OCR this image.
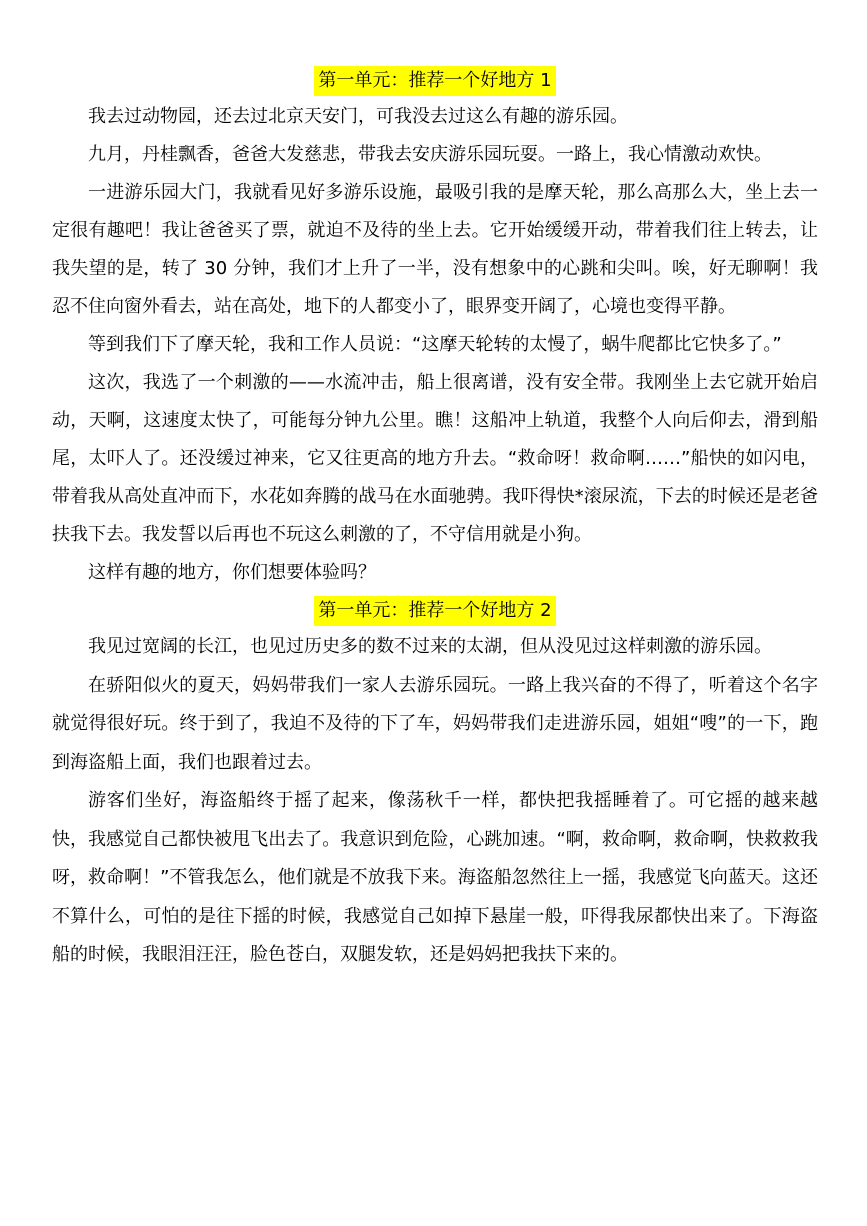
第一单元：推荐一个好地方 1

我去过动物园，还去过北京天安门，可我没去过这么有趣的游乐园。

九月，丹桂飘香，爸爸大发慈悲，带我去安庆游乐园玩耍。一路上，我心情激动欢快。

一进游乐园大门，我就看见好多游乐设施，最吸引我的是摩天轮，那么高那么大，坐上去一定很有趣吧！我让爸爸买了票，就迫不及待的坐上去。它开始缓缓开动，带着我们往上转去，让我失望的是，转了 30 分钟，我们才上升了一半，没有想象中的心跳和尖叫。唉，好无聊啊！我忍不住向窗外看去，站在高处，地下的人都变小了，眼界变开阔了，心境也变得平静。

等到我们下了摩天轮，我和工作人员说：“这摩天轮转的太慢了，蜗牛爬都比它快多了。”

这次，我选了一个刺激的——水流冲击，船上很离谱，没有安全带。我刚坐上去它就开始启动，天啊，这速度太快了，可能每分钟九公里。瞧！这船冲上轨道，我整个人向后仰去，滑到船尾，太吓人了。还没缓过神来，它又往更高的地方升去。“救命呀！救命啊……”船快的如闪电，带着我从高处直冲而下，水花如奔腾的战马在水面驰骋。我吓得快*滚尿流，下去的时候还是老爸扶我下去。我发誓以后再也不玩这么刺激的了，不守信用就是小狗。

这样有趣的地方，你们想要体验吗？

第一单元：推荐一个好地方 2

我见过宽阔的长江，也见过历史多的数不过来的太湖，但从没见过这样刺激的游乐园。

在骄阳似火的夏天，妈妈带我们一家人去游乐园玩。一路上我兴奋的不得了，听着这个名字就觉得很好玩。终于到了，我迫不及待的下了车，妈妈带我们走进游乐园，姐姐“嗖”的一下，跑到海盗船上面，我们也跟着过去。

游客们坐好，海盗船终于摇了起来，像荡秋千一样，都快把我摇睡着了。可它摇的越来越快，我感觉自己都快被甩飞出去了。我意识到危险，心跳加速。“啊，救命啊，救命啊，快救救我呀，救命啊！”不管我怎么，他们就是不放我下来。海盗船忽然往上一摇，我感觉飞向蓝天。这还不算什么，可怕的是往下摇的时候，我感觉自己如掉下悬崖一般，吓得我尿都快出来了。下海盗船的时候，我眼泪汪汪，脸色苍白，双腿发软，还是妈妈把我扶下来的。
